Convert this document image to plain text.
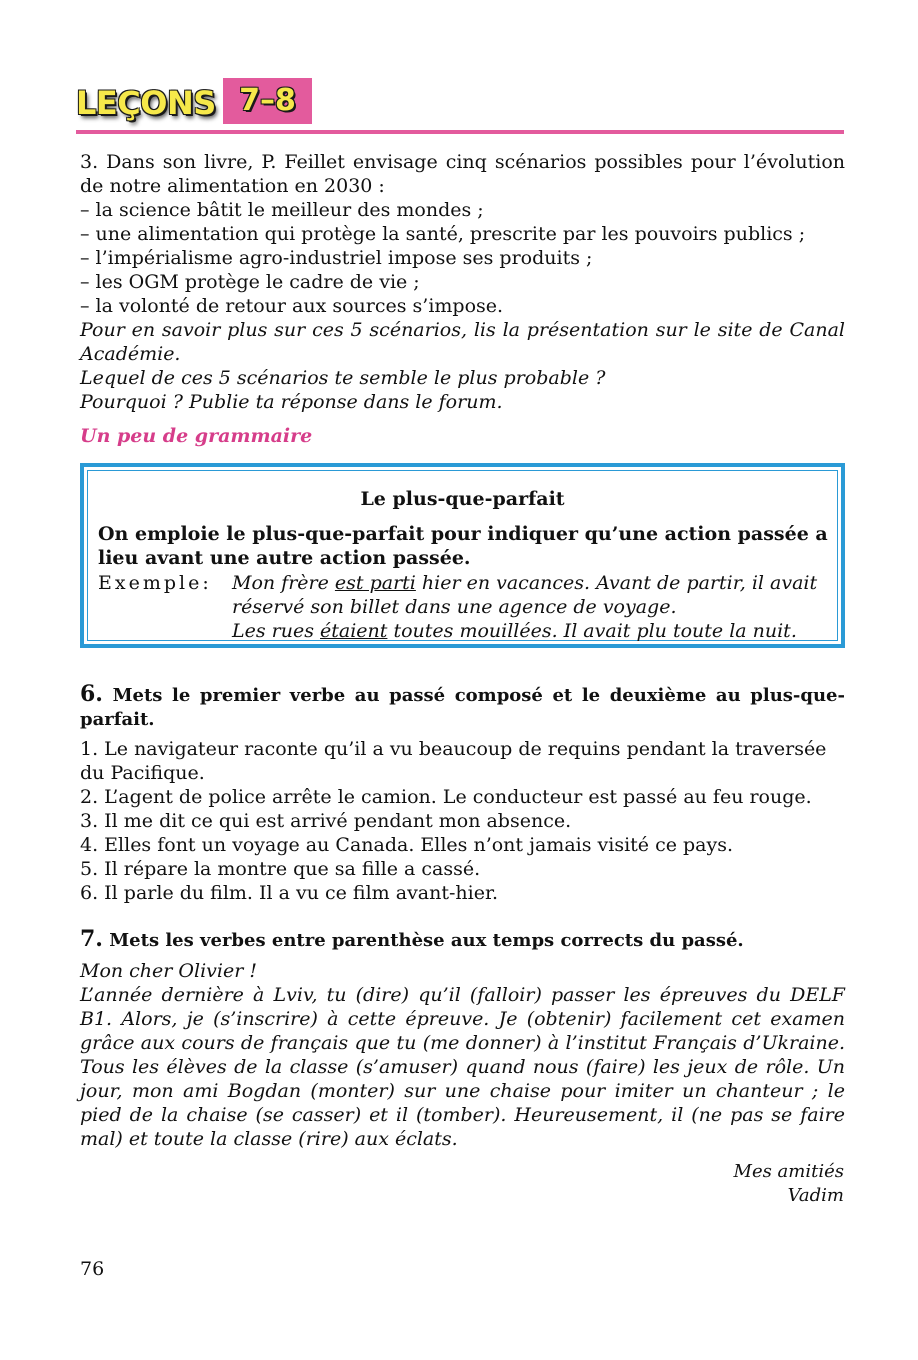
LEÇONS 7–8

3. Dans son livre, P. Feillet envisage cinq scénarios possibles pour l’évolution de notre alimentation en 2030 :

– la science bâtit le meilleur des mondes ;

– une alimentation qui protège la santé, prescrite par les pouvoirs publics ;

– l’impérialisme agro-industriel impose ses produits ;

– les OGM protège le cadre de vie ;

– la volonté de retour aux sources s’impose.

Pour en savoir plus sur ces 5 scénarios, lis la présentation sur le site de Canal Académie.

Lequel de ces 5 scénarios te semble le plus probable ?

Pourquoi ? Publie ta réponse dans le forum.

Un peu de grammaire
Le plus-que-parfait
On emploie le plus-que-parfait pour indiquer qu’une action passée a lieu avant une autre action passée.
Exemple: Mon frère est parti hier en vacances. Avant de partir, il avait
réservé son billet dans une agence de voyage.
Les rues étaient toutes mouillées. Il avait plu toute la nuit.
6. Mets le premier verbe au passé composé et le deuxième au plus-que-parfait.

1. Le navigateur raconte qu’il a vu beaucoup de requins pendant la traversée du Pacifique.

2. L’agent de police arrête le camion. Le conducteur est passé au feu rouge.

3. Il me dit ce qui est arrivé pendant mon absence.

4. Elles font un voyage au Canada. Elles n’ont jamais visité ce pays.

5. Il répare la montre que sa fille a cassé.

6. Il parle du film. Il a vu ce film avant-hier.

7. Mets les verbes entre parenthèse aux temps corrects du passé.

Mon cher Olivier !

L’année dernière à Lviv, tu (dire) qu’il (falloir) passer les épreuves du DELF B1. Alors, je (s’inscrire) à cette épreuve. Je (obtenir) facilement cet examen grâce aux cours de français que tu (me donner) à l’institut Français d’Ukraine. Tous les élèves de la classe (s’amuser) quand nous (faire) les jeux de rôle. Un jour, mon ami Bogdan (monter) sur une chaise pour imiter un chanteur ; le pied de la chaise (se casser) et il (tomber). Heureusement, il (ne pas se faire mal) et toute la classe (rire) aux éclats.

Mes amitiés
Vadim
76
